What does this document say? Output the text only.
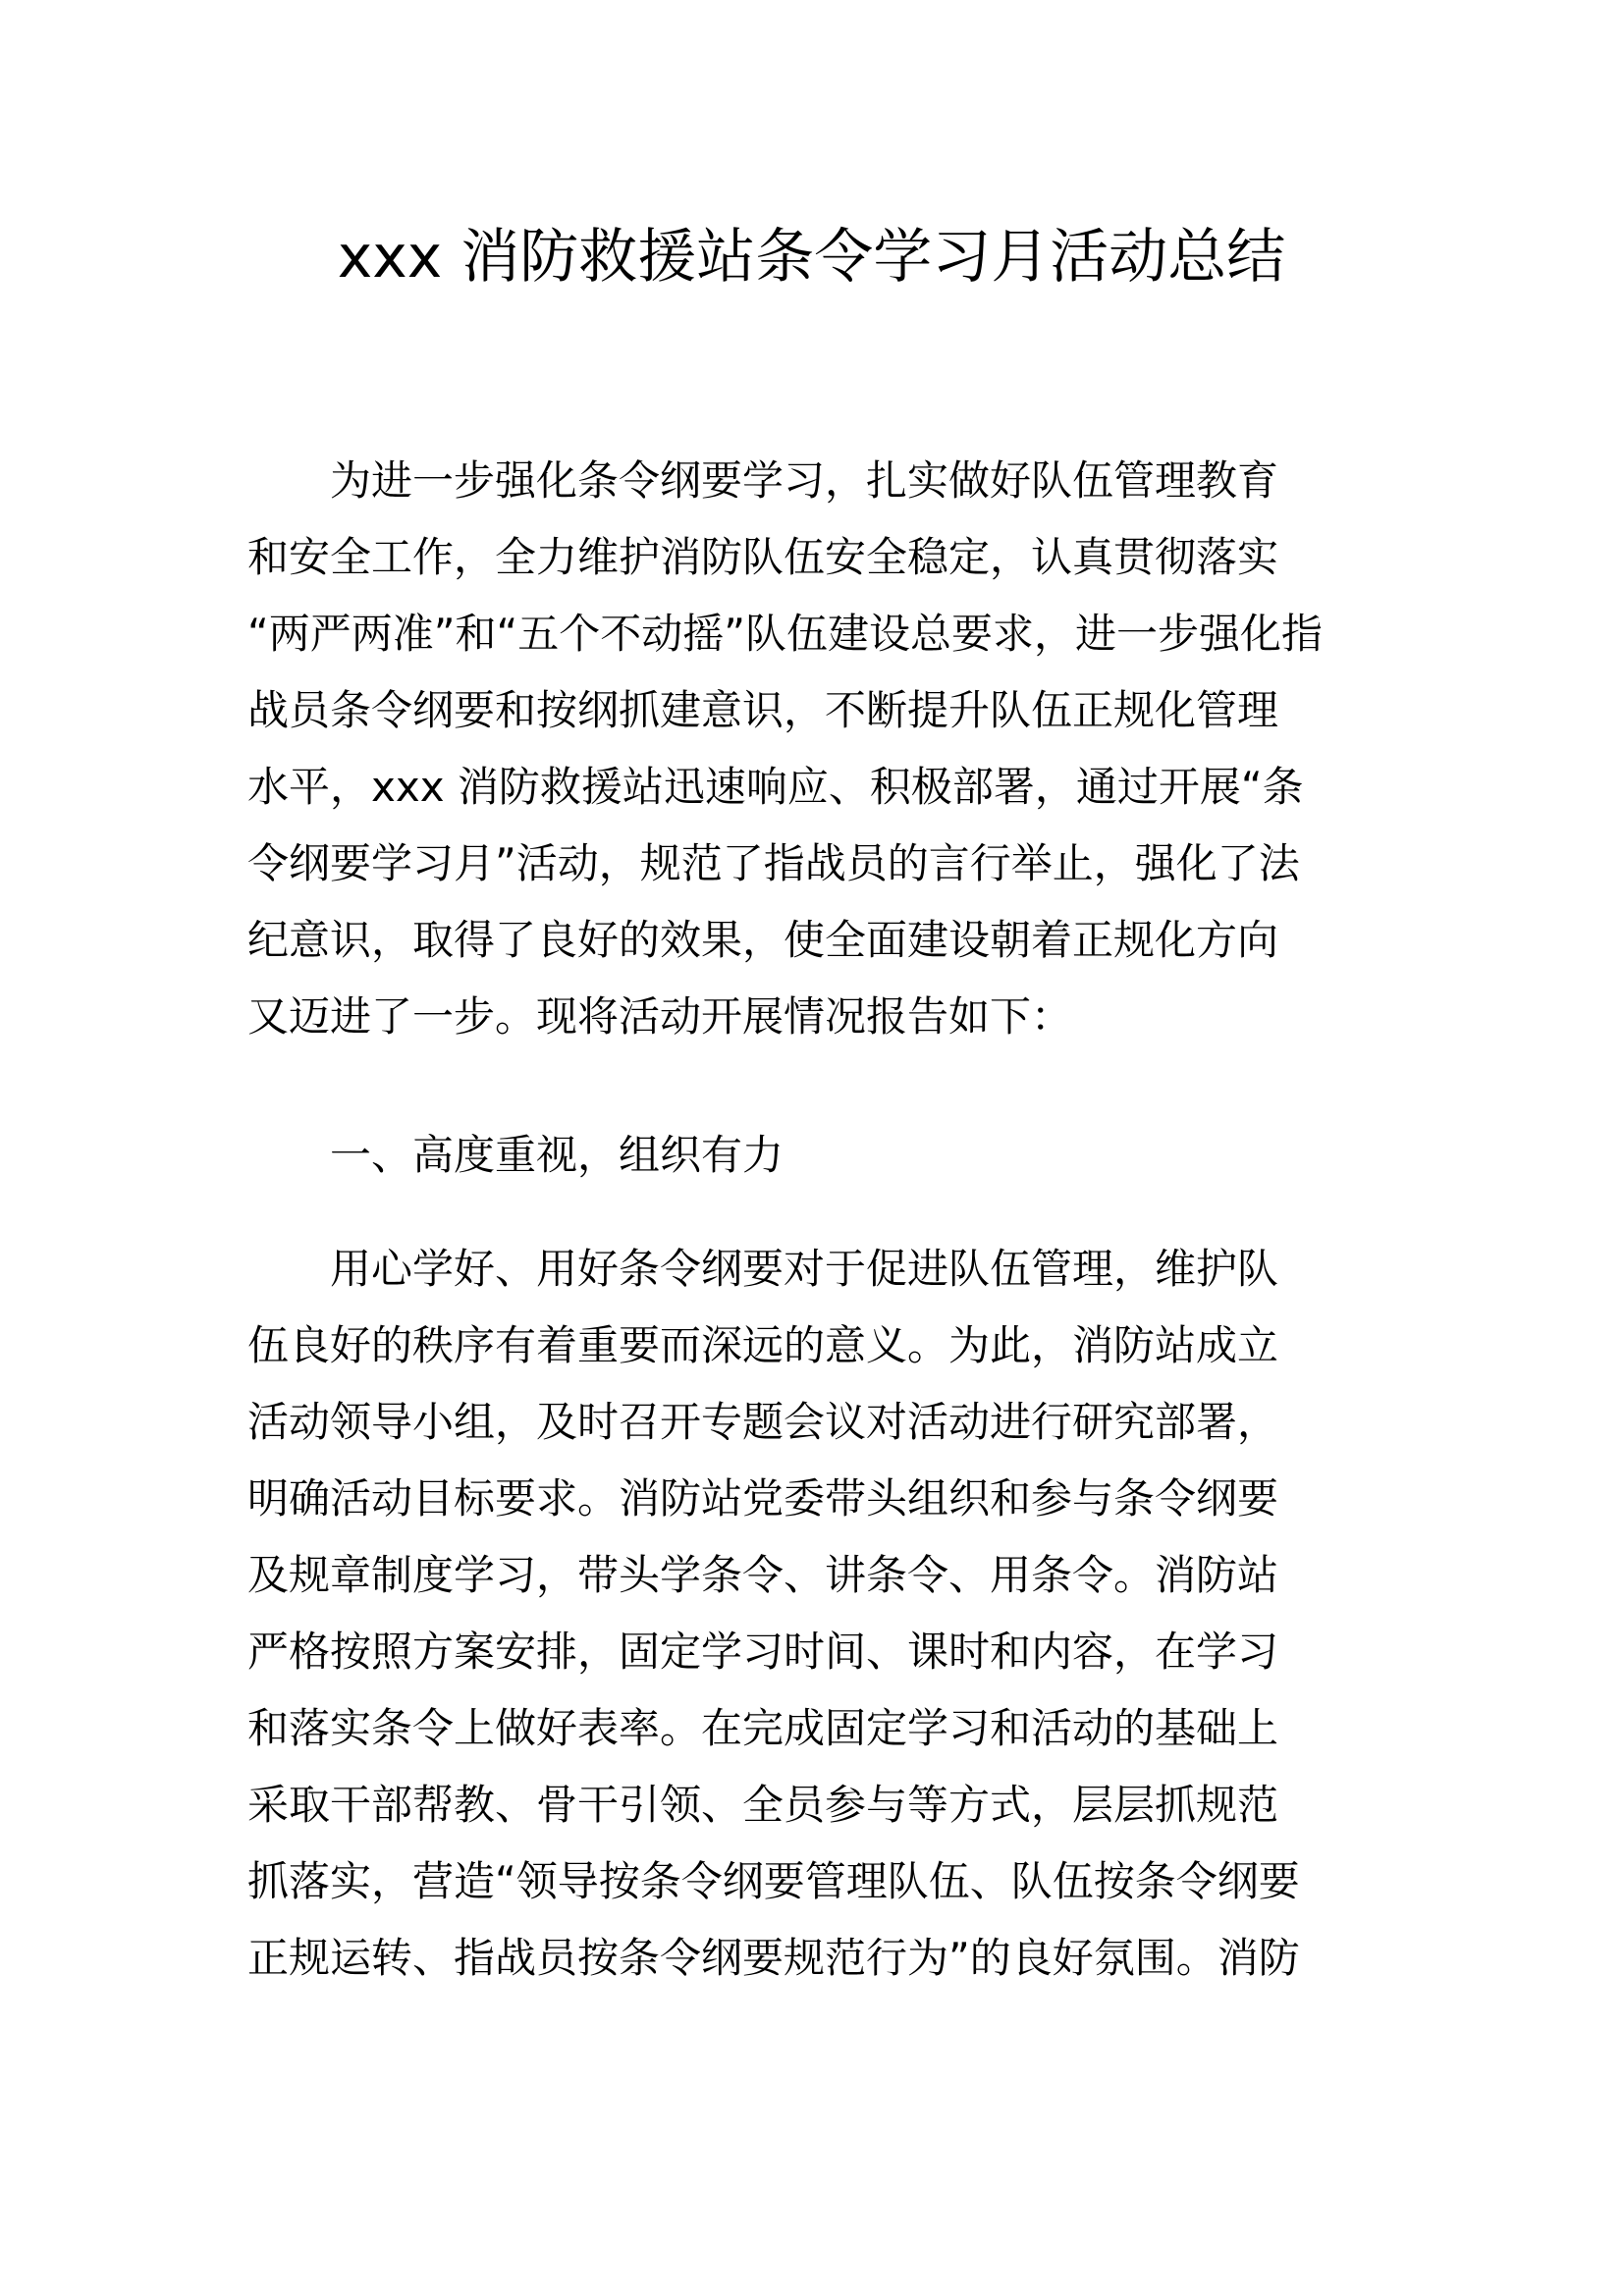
xxx 消防救援站条令学习月活动总结
为进一步强化条令纲要学习，扎实做好队伍管理教育
和安全工作，全力维护消防队伍安全稳定，认真贯彻落实
“两严两准”和“五个不动摇”队伍建设总要求，进一步强化指
战员条令纲要和按纲抓建意识，不断提升队伍正规化管理
水平，xxx 消防救援站迅速响应、积极部署，通过开展“条
令纲要学习月”活动，规范了指战员的言行举止，强化了法
纪意识，取得了良好的效果，使全面建设朝着正规化方向
又迈进了一步。现将活动开展情况报告如下：
一、高度重视，组织有力
用心学好、用好条令纲要对于促进队伍管理，维护队
伍良好的秩序有着重要而深远的意义。为此，消防站成立
活动领导小组，及时召开专题会议对活动进行研究部署，
明确活动目标要求。消防站党委带头组织和参与条令纲要
及规章制度学习，带头学条令、讲条令、用条令。消防站
严格按照方案安排，固定学习时间、课时和内容，在学习
和落实条令上做好表率。在完成固定学习和活动的基础上
采取干部帮教、骨干引领、全员参与等方式，层层抓规范
抓落实，营造“领导按条令纲要管理队伍、队伍按条令纲要
正规运转、指战员按条令纲要规范行为”的良好氛围。消防
